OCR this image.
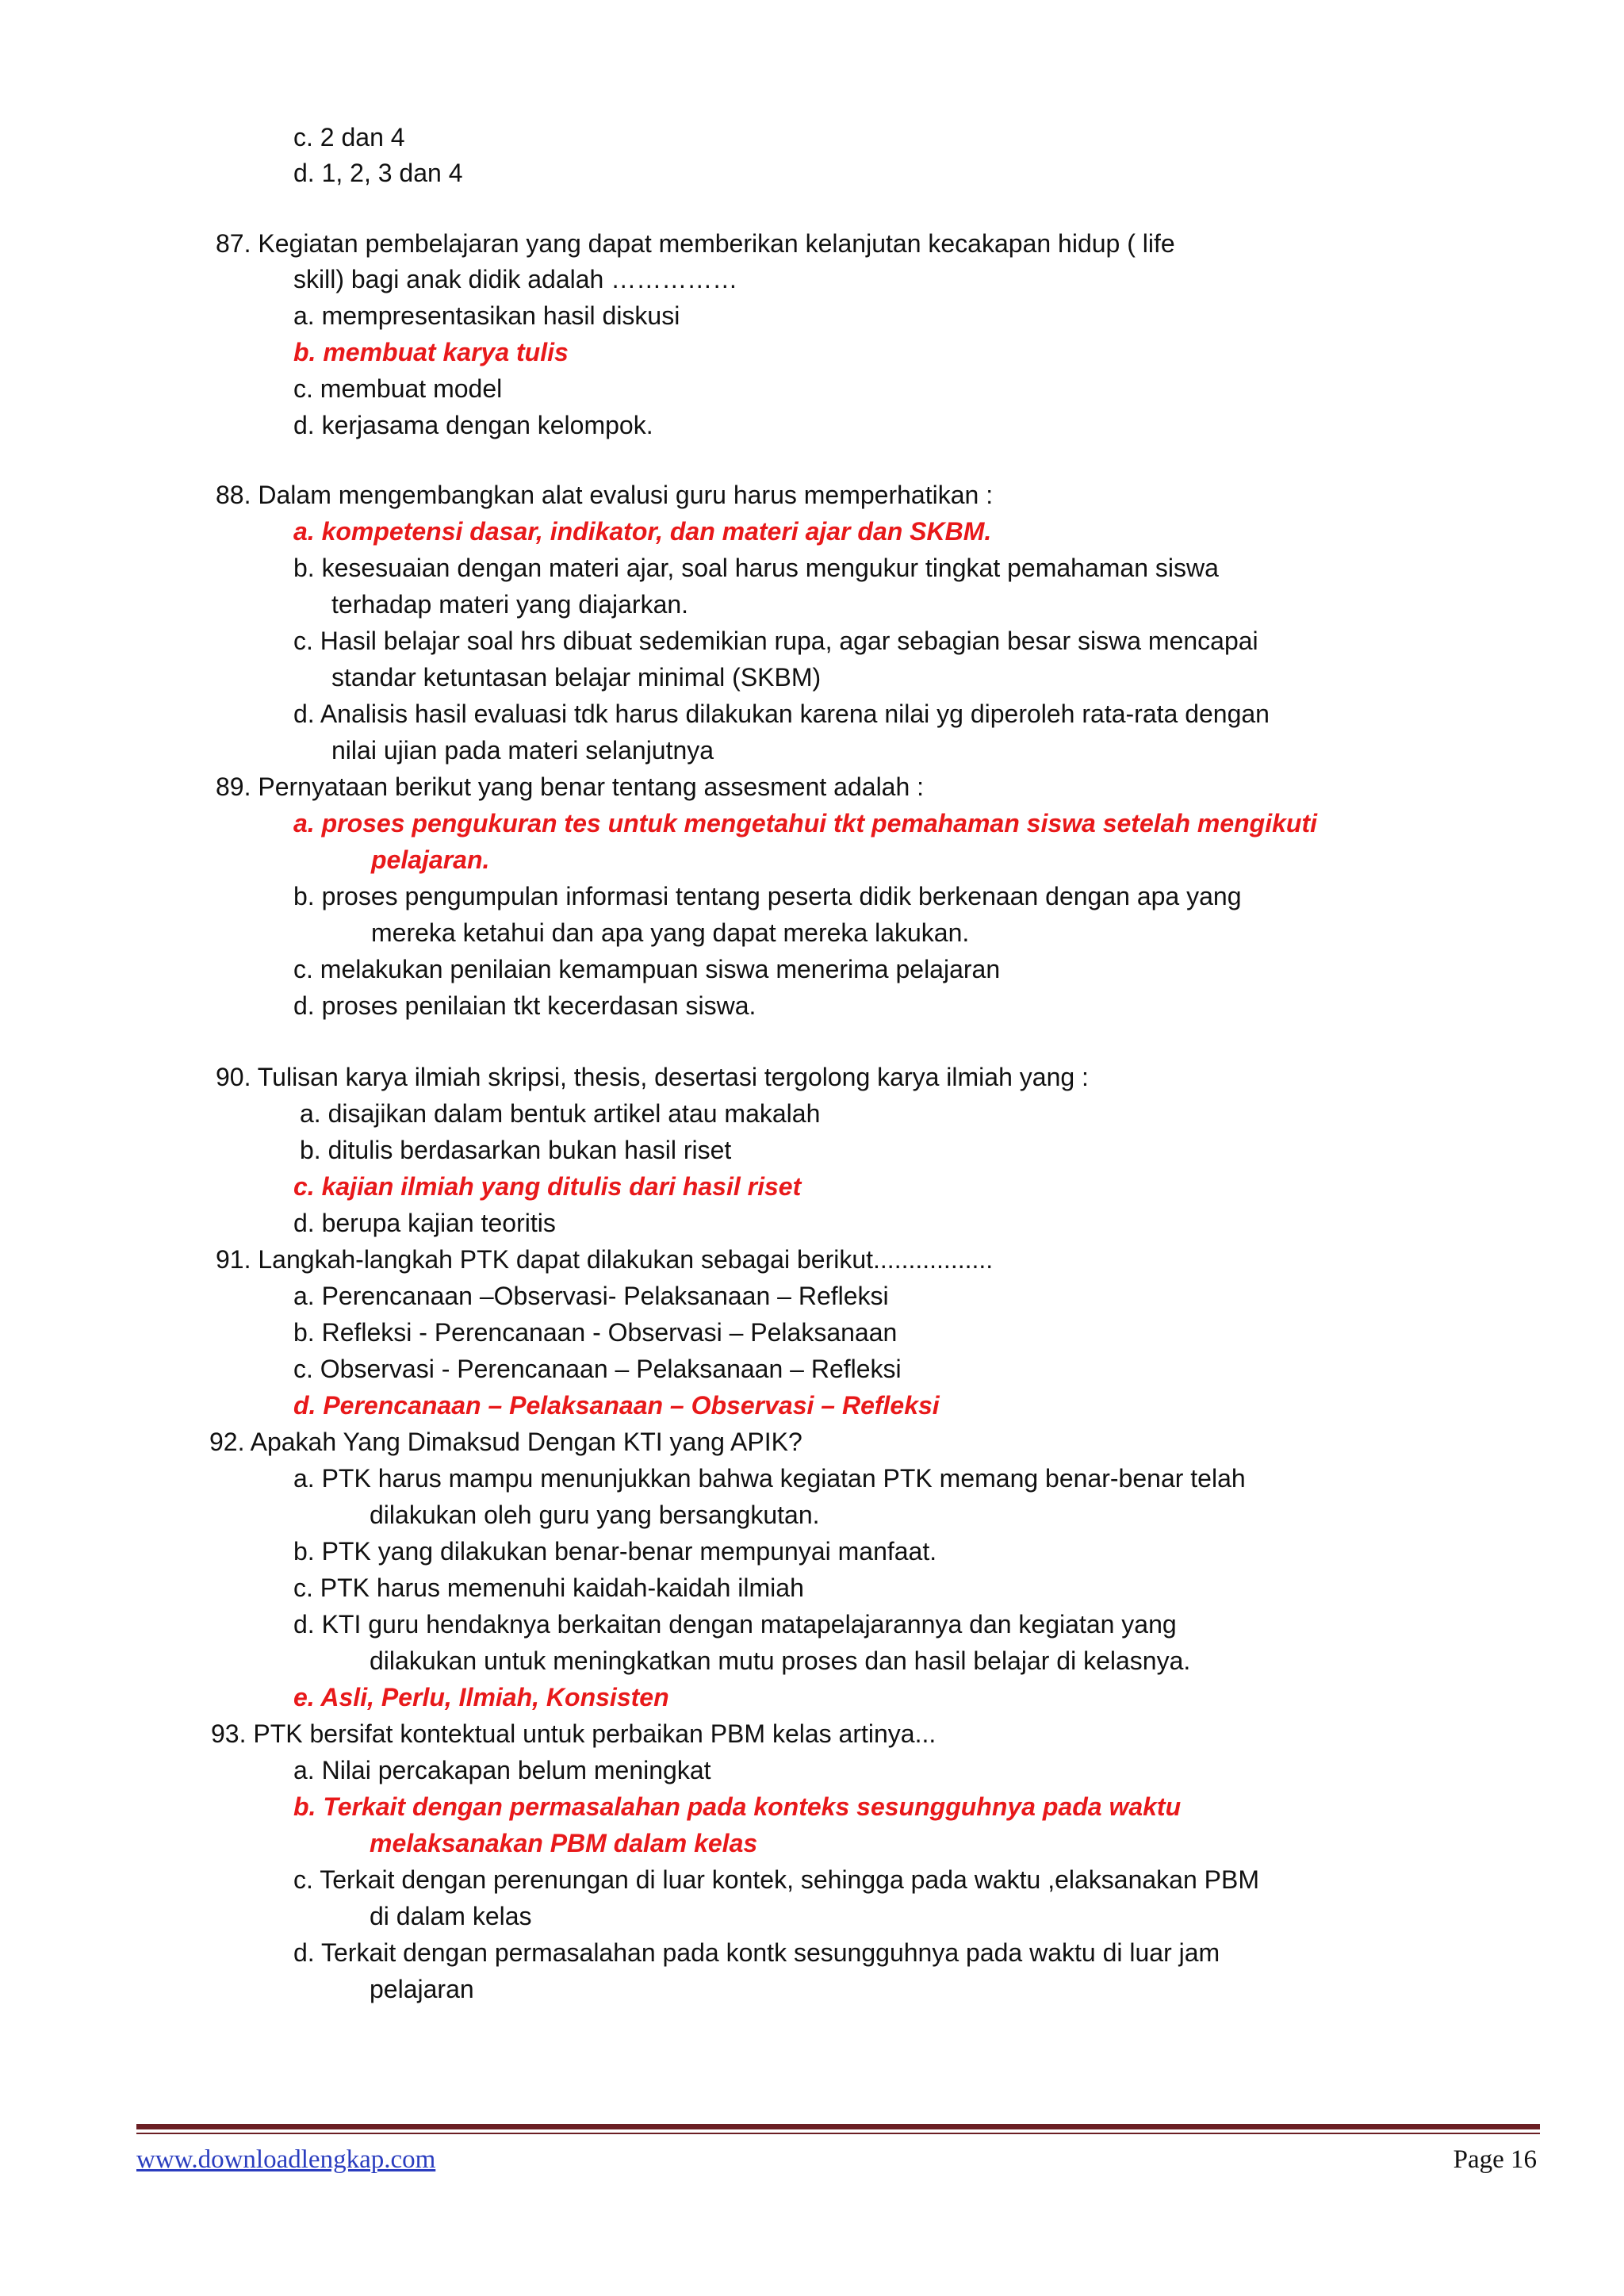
c. 2 dan 4
d. 1, 2, 3 dan 4
87. Kegiatan pembelajaran yang dapat memberikan kelanjutan kecakapan hidup ( life
skill) bagi anak didik adalah ……………
a. mempresentasikan hasil diskusi
b. membuat karya tulis
c. membuat model
d. kerjasama dengan kelompok.
88. Dalam mengembangkan alat evalusi guru harus memperhatikan :
a. kompetensi dasar, indikator, dan materi ajar dan SKBM.
b. kesesuaian dengan materi ajar, soal harus mengukur tingkat pemahaman siswa
terhadap materi yang diajarkan.
c. Hasil belajar soal hrs dibuat sedemikian rupa, agar sebagian besar siswa mencapai
standar ketuntasan belajar minimal (SKBM)
d. Analisis hasil evaluasi tdk harus dilakukan karena nilai yg diperoleh rata-rata dengan
nilai ujian pada materi selanjutnya
89. Pernyataan berikut yang benar tentang assesment adalah :
a. proses pengukuran tes untuk mengetahui tkt pemahaman siswa setelah mengikuti
pelajaran.
b. proses pengumpulan informasi tentang peserta didik berkenaan dengan apa yang
mereka ketahui dan apa yang dapat mereka lakukan.
c. melakukan penilaian kemampuan siswa menerima pelajaran
d. proses penilaian tkt kecerdasan siswa.
90. Tulisan karya ilmiah skripsi, thesis, desertasi tergolong karya ilmiah yang :
a. disajikan dalam bentuk artikel atau makalah
b. ditulis berdasarkan bukan hasil riset
c. kajian ilmiah yang ditulis dari hasil riset
d. berupa kajian teoritis
91. Langkah-langkah PTK dapat dilakukan sebagai berikut.................
a. Perencanaan –Observasi- Pelaksanaan – Refleksi
b. Refleksi - Perencanaan - Observasi – Pelaksanaan
c. Observasi - Perencanaan – Pelaksanaan – Refleksi
d. Perencanaan – Pelaksanaan – Observasi – Refleksi
92. Apakah Yang Dimaksud Dengan KTI yang APIK?
a. PTK harus mampu menunjukkan bahwa kegiatan PTK memang benar-benar telah
dilakukan oleh guru yang bersangkutan.
b. PTK yang dilakukan benar-benar mempunyai manfaat.
c. PTK harus memenuhi kaidah-kaidah ilmiah
d. KTI guru hendaknya berkaitan dengan matapelajarannya dan kegiatan yang
dilakukan untuk meningkatkan mutu proses dan hasil belajar di kelasnya.
e. Asli, Perlu, Ilmiah, Konsisten
93. PTK bersifat kontektual untuk perbaikan PBM kelas artinya...
a. Nilai percakapan belum meningkat
b. Terkait dengan permasalahan pada konteks sesungguhnya pada waktu
melaksanakan PBM dalam kelas
c. Terkait dengan perenungan di luar kontek, sehingga pada waktu ,elaksanakan PBM
di dalam kelas
d. Terkait dengan permasalahan pada kontk sesungguhnya pada waktu di luar jam
pelajaran
www.downloadlengkap.com	Page 16
